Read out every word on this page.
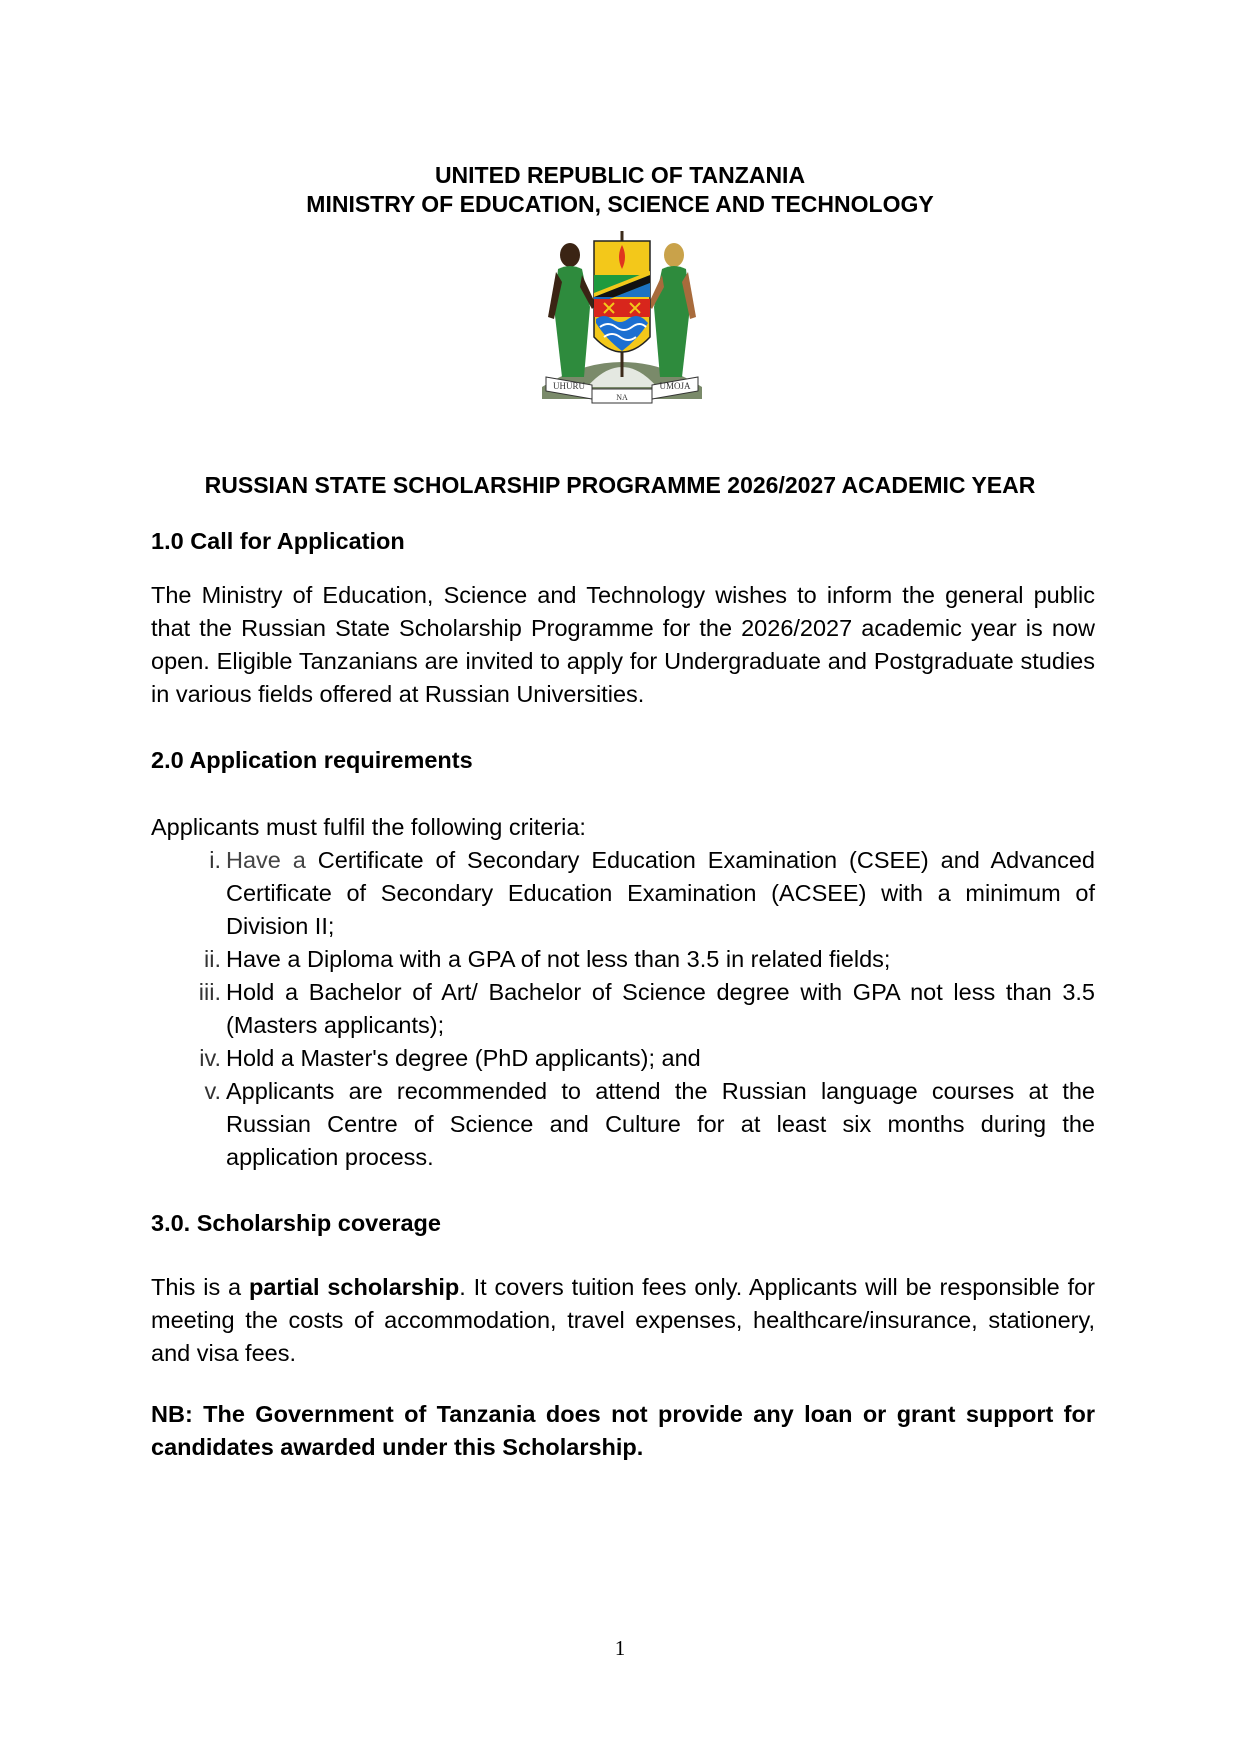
UNITED REPUBLIC OF TANZANIA
MINISTRY OF EDUCATION, SCIENCE AND TECHNOLOGY
UHURU
NA
UMOJA
RUSSIAN STATE SCHOLARSHIP PROGRAMME 2026/2027 ACADEMIC YEAR
1.0 Call for Application
The Ministry of Education, Science and Technology wishes to inform the general public that the Russian State Scholarship Programme for the 2026/2027 academic year is now open. Eligible Tanzanians are invited to apply for Undergraduate and Postgraduate studies in various fields offered at Russian Universities.
2.0 Application requirements
Applicants must fulfil the following criteria:
i. Have a Certificate of Secondary Education Examination (CSEE) and Advanced Certificate of Secondary Education Examination (ACSEE) with a minimum of Division II;
ii. Have a Diploma with a GPA of not less than 3.5 in related fields;
iii. Hold a Bachelor of Art/ Bachelor of Science degree with GPA not less than 3.5 (Masters applicants);
iv. Hold a Master's degree (PhD applicants); and
v. Applicants are recommended to attend the Russian language courses at the Russian Centre of Science and Culture for at least six months during the application process.
3.0. Scholarship coverage
This is a partial scholarship. It covers tuition fees only. Applicants will be responsible for meeting the costs of accommodation, travel expenses, healthcare/insurance, stationery, and visa fees.
NB: The Government of Tanzania does not provide any loan or grant support for candidates awarded under this Scholarship.
1
